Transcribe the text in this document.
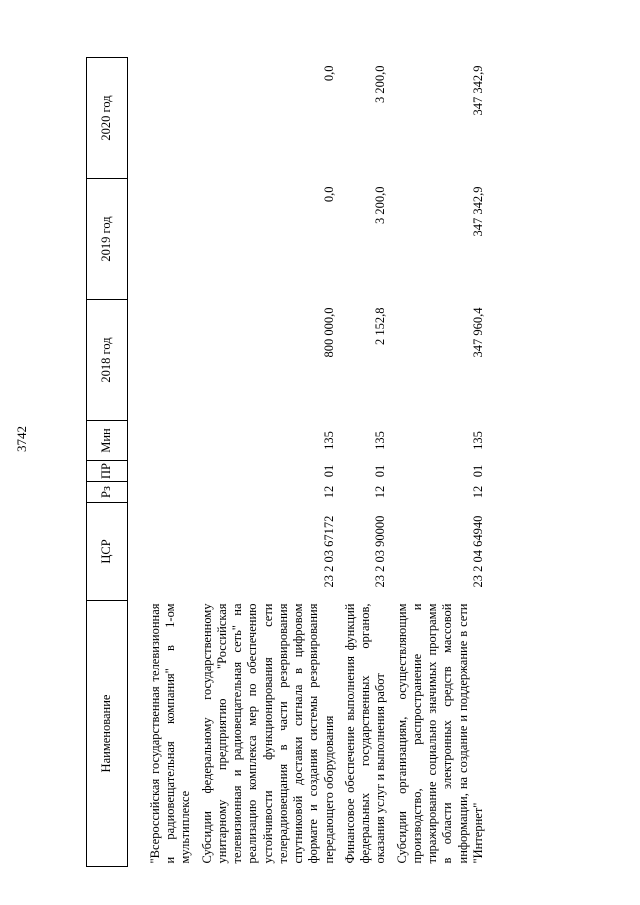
3742
Наименование	ЦСР	Рз	ПР	Мин	2018 год	2019 год	2020 год
"Всероссийская государственная телевизионная и радиовещательная компания" в 1-ом мультиплексе							
Субсидии федеральному государственному унитарному предприятию "Российская телевизионная и радиовещательная сеть" на реализацию комплекса мер по обеспечению устойчивости функционирования сети телерадиовещания в части резервирования спутниковой доставки сигнала в цифровом формате и создания системы резервирования передающего оборудования	23 2 03 67172	12	01	135	800 000,0	0,0	0,0
Финансовое обеспечение выполнения функций федеральных государственных органов, оказания услуг и выполнения работ	23 2 03 90000	12	01	135	2 152,8	3 200,0	3 200,0
Субсидии организациям, осуществляющим производство, распространение и тиражирование социально значимых программ в области электронных средств массовой информации, на создание и поддержание в сети "Интернет"	23 2 04 64940	12	01	135	347 960,4	347 342,9	347 342,9
